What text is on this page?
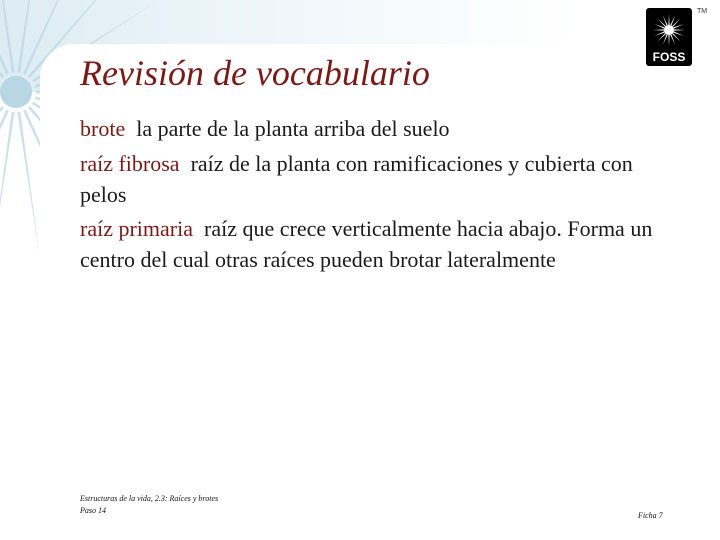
TM
FOSS
Revisión de vocabulario

brote la parte de la planta arriba del suelo

raíz fibrosa raíz de la planta con ramificaciones y cubierta con pelos

raíz primaria raíz que crece verticalmente hacia abajo. Forma un centro del cual otras raíces pueden brotar lateralmente

Estructuras de la vida, 2.3: Raíces y brotes
Paso 14
Ficha 7
